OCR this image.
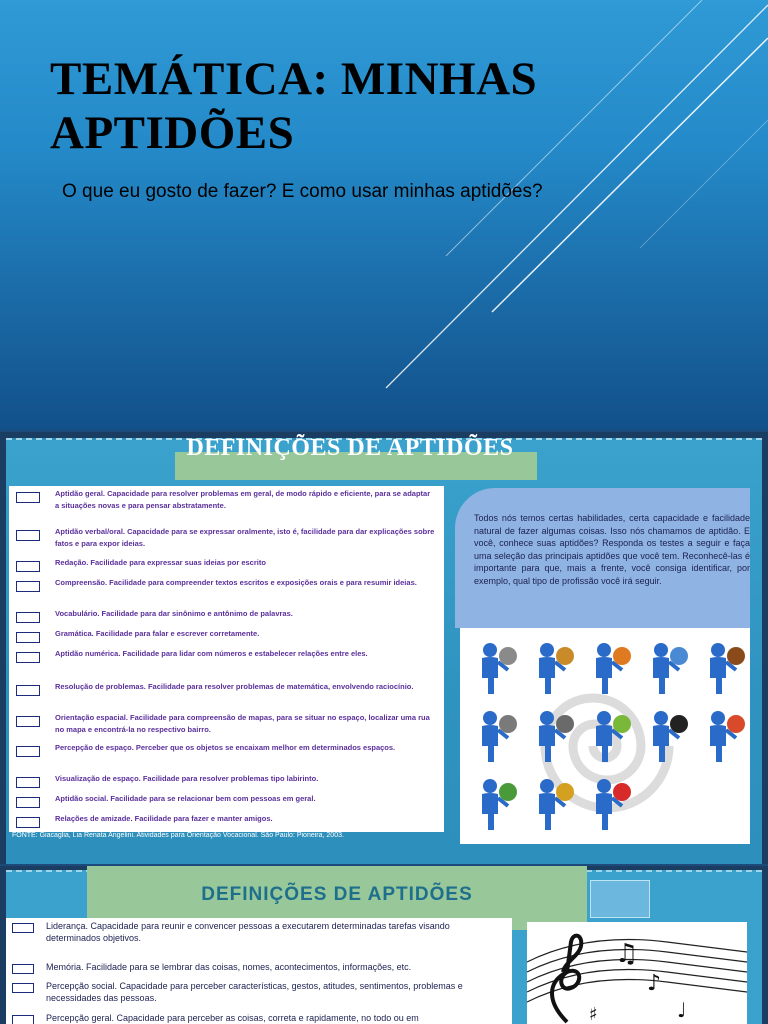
TEMÁTICA: MINHAS APTIDÕES
O que eu gosto de fazer? E como usar minhas aptidões?
DEFINIÇÕES DE APTIDÕES
Aptidão geral. Capacidade para resolver problemas em geral, de modo rápido e eficiente, para se adaptar a situações novas e para pensar abstratamente.
Aptidão verbal/oral. Capacidade para se expressar oralmente, isto é, facilidade para dar explicações sobre fatos e para expor ideias.
Redação. Facilidade para expressar suas ideias por escrito
Compreensão. Facilidade para compreender textos escritos e exposições orais e para resumir ideias.
Vocabulário. Facilidade para dar sinônimo e antônimo de palavras.
Gramática. Facilidade para falar e escrever corretamente.
Aptidão numérica. Facilidade para lidar com números e estabelecer relações entre eles.
Resolução de problemas. Facilidade para resolver problemas de matemática, envolvendo raciocínio.
Orientação espacial. Facilidade para compreensão de mapas, para se situar no espaço, localizar uma rua no mapa e encontrá-la no respectivo bairro.
Percepção de espaço. Perceber que os objetos se encaixam melhor em determinados espaços.
Visualização de espaço. Facilidade para resolver problemas tipo labirinto.
Aptidão social. Facilidade para se relacionar bem com pessoas em geral.
Relações de amizade. Facilidade para fazer e manter amigos.
FONTE: Giacaglia, Lia Renata Angelini. Atividades para Orientação Vocacional. São Paulo: Pioneira, 2003.
Todos nós temos certas habilidades, certa capacidade e facilidade natural de fazer algumas coisas. Isso nós chamamos de aptidão. E você, conhece suas aptidões? Responda os testes a seguir e faça uma seleção das principais aptidões que você tem. Reconhecê-las é importante para que, mais a frente, você consiga identificar, por exemplo, qual tipo de profissão você irá seguir.
DEFINIÇÕES DE APTIDÕES
Liderança. Capacidade para reunir e convencer pessoas a executarem determinadas tarefas visando determinados objetivos.
Memória. Facilidade para se lembrar das coisas, nomes, acontecimentos, informações, etc.
Percepção social. Capacidade para perceber características, gestos, atitudes, sentimentos, problemas e necessidades das pessoas.
Percepção geral. Capacidade para perceber as coisas, correta e rapidamente, no todo ou em	♯
♫
♪
♩
